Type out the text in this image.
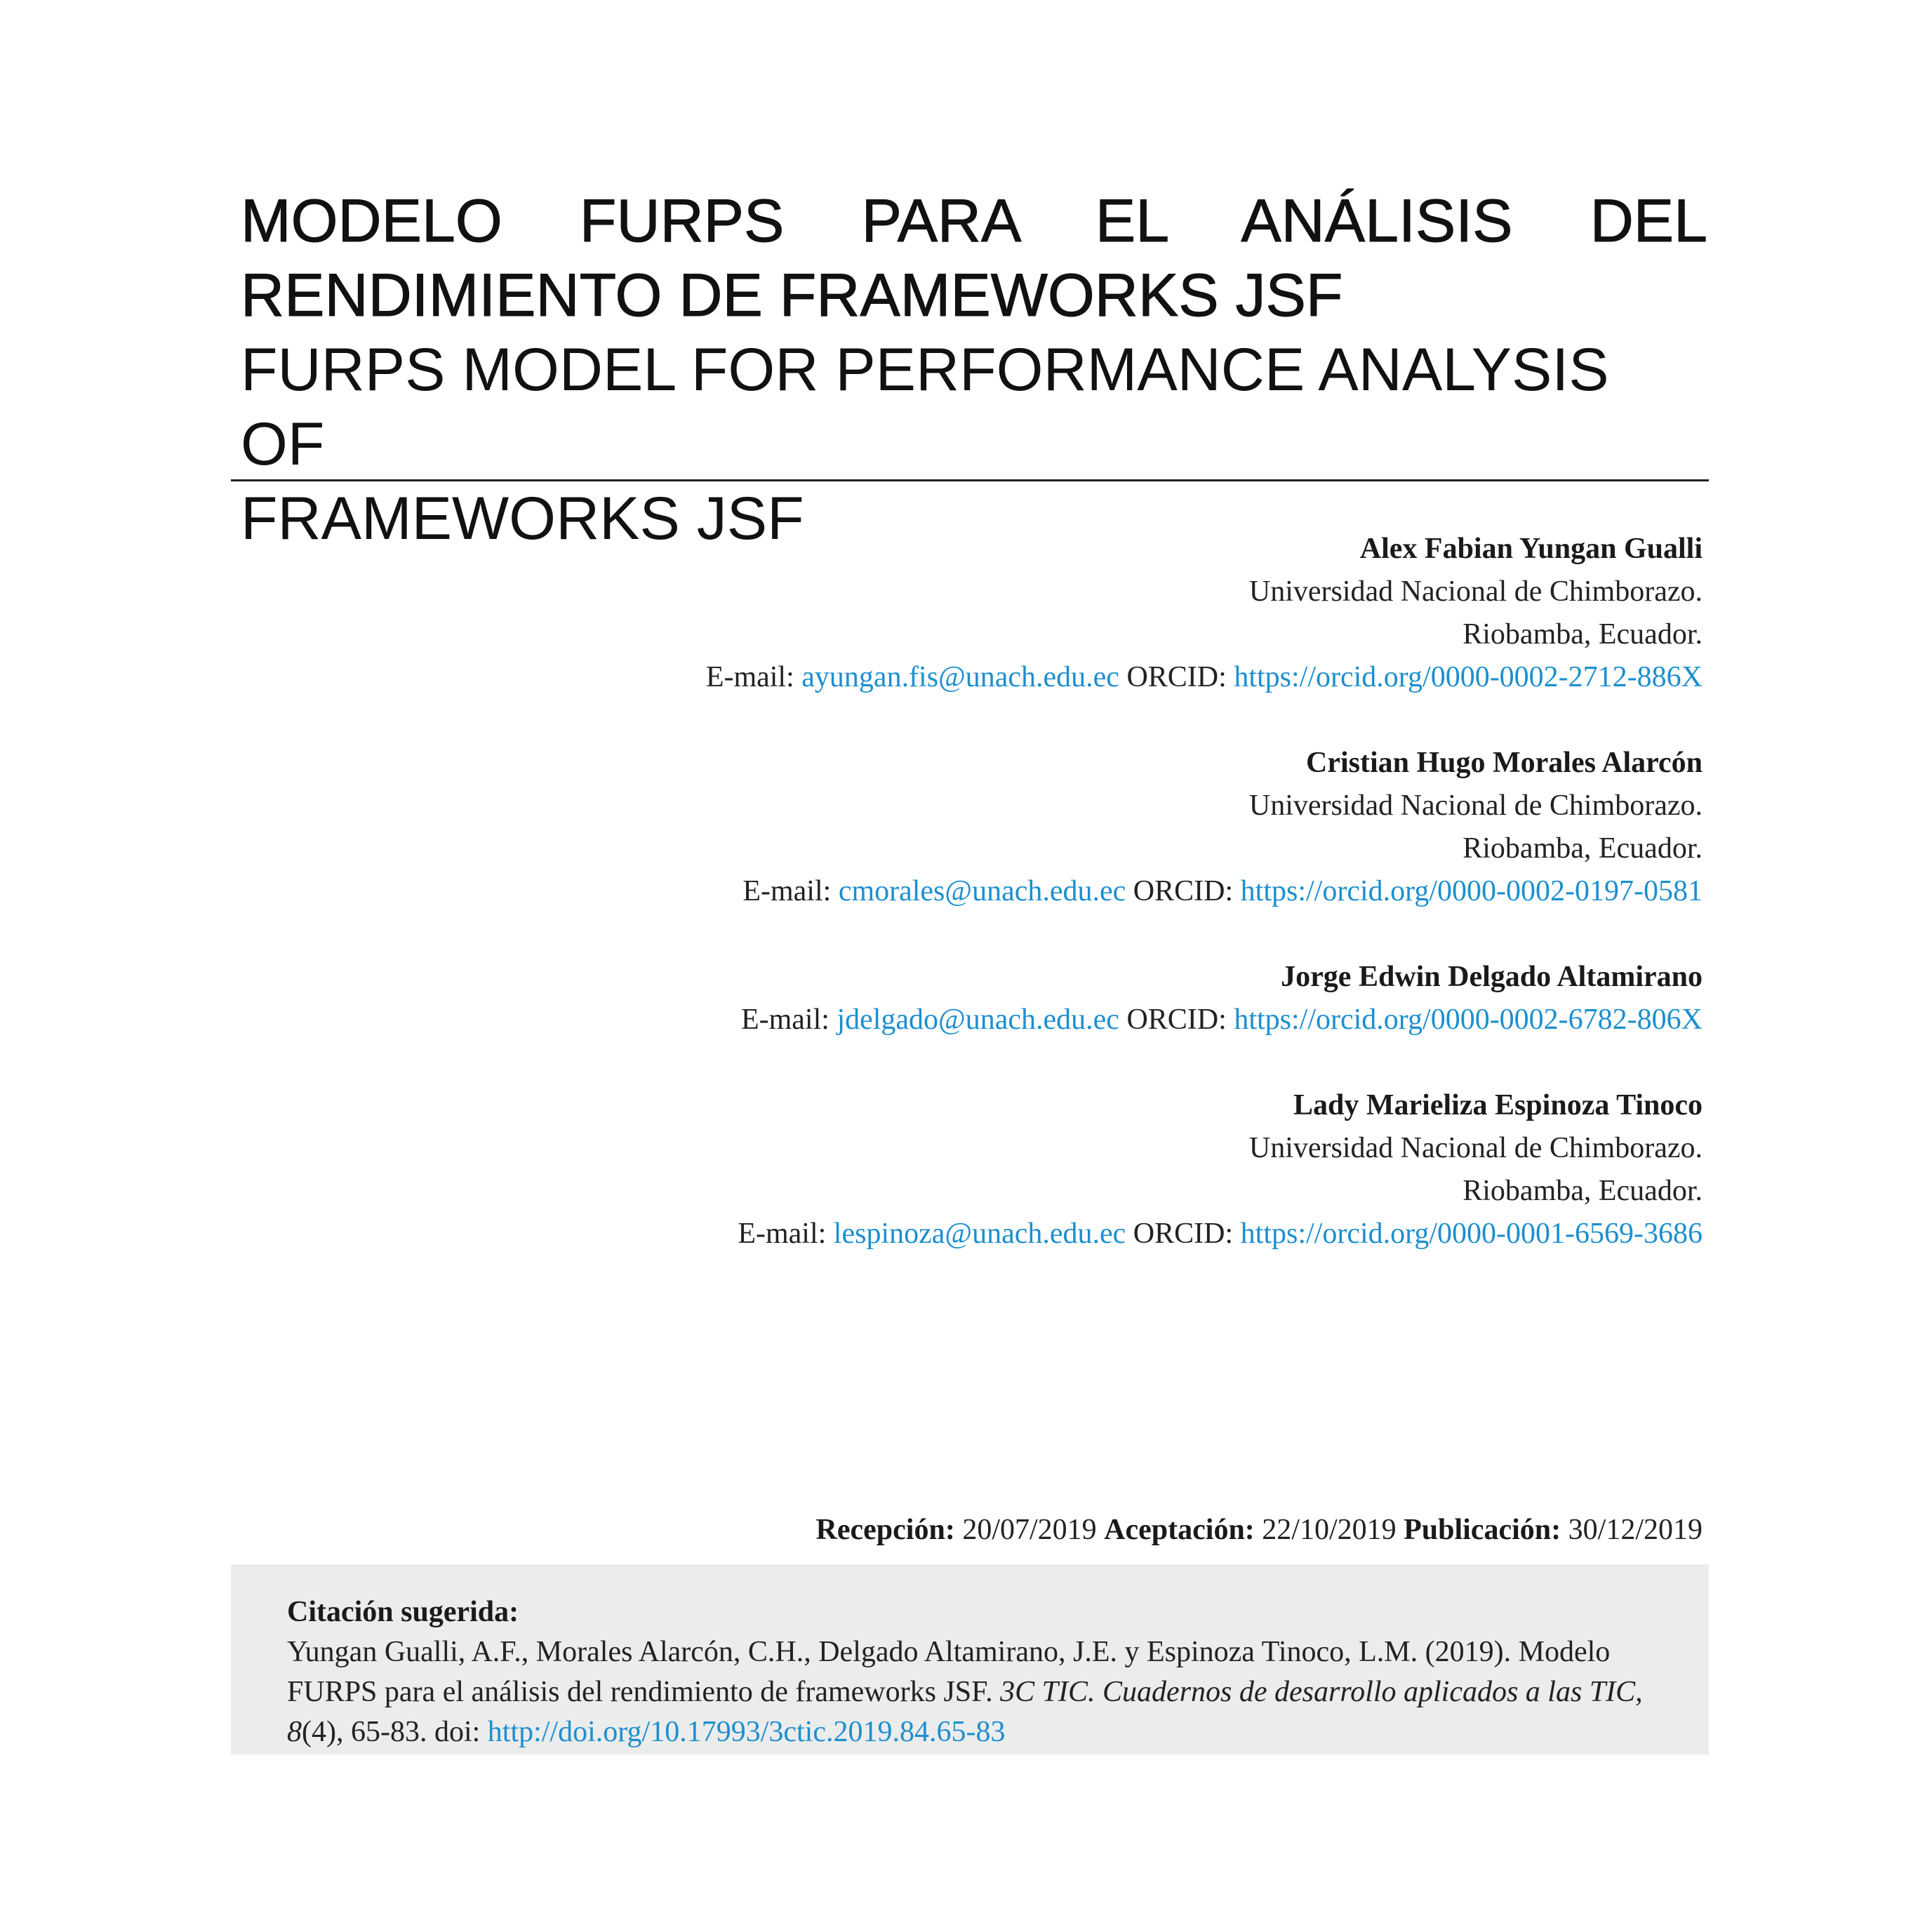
MODELO FURPS PARA EL ANÁLISIS DEL
RENDIMIENTO DE FRAMEWORKS JSF
FURPS MODEL FOR PERFORMANCE ANALYSIS OF
FRAMEWORKS JSF	Alex Fabian Yungan Gualli
Universidad Nacional de Chimborazo.
Riobamba, Ecuador.
E-mail: ayungan.fis@unach.edu.ec ORCID: https://orcid.org/0000-0002-2712-886X
Cristian Hugo Morales Alarcón
Universidad Nacional de Chimborazo.
Riobamba, Ecuador.
E-mail: cmorales@unach.edu.ec ORCID: https://orcid.org/0000-0002-0197-0581
Jorge Edwin Delgado Altamirano
E-mail: jdelgado@unach.edu.ec ORCID: https://orcid.org/0000-0002-6782-806X
Lady Marieliza Espinoza Tinoco
Universidad Nacional de Chimborazo.
Riobamba, Ecuador.
E-mail: lespinoza@unach.edu.ec ORCID: https://orcid.org/0000-0001-6569-3686
Recepción: 20/07/2019 Aceptación: 22/10/2019 Publicación: 30/12/2019
Citación sugerida:
Yungan Gualli, A.F., Morales Alarcón, C.H., Delgado Altamirano, J.E. y Espinoza Tinoco, L.M. (2019). Modelo FURPS para el análisis del rendimiento de frameworks JSF. 3C TIC. Cuadernos de desarrollo aplicados a las TIC, 8(4), 65-83. doi: http://doi.org/10.17993/3ctic.2019.84.65-83
